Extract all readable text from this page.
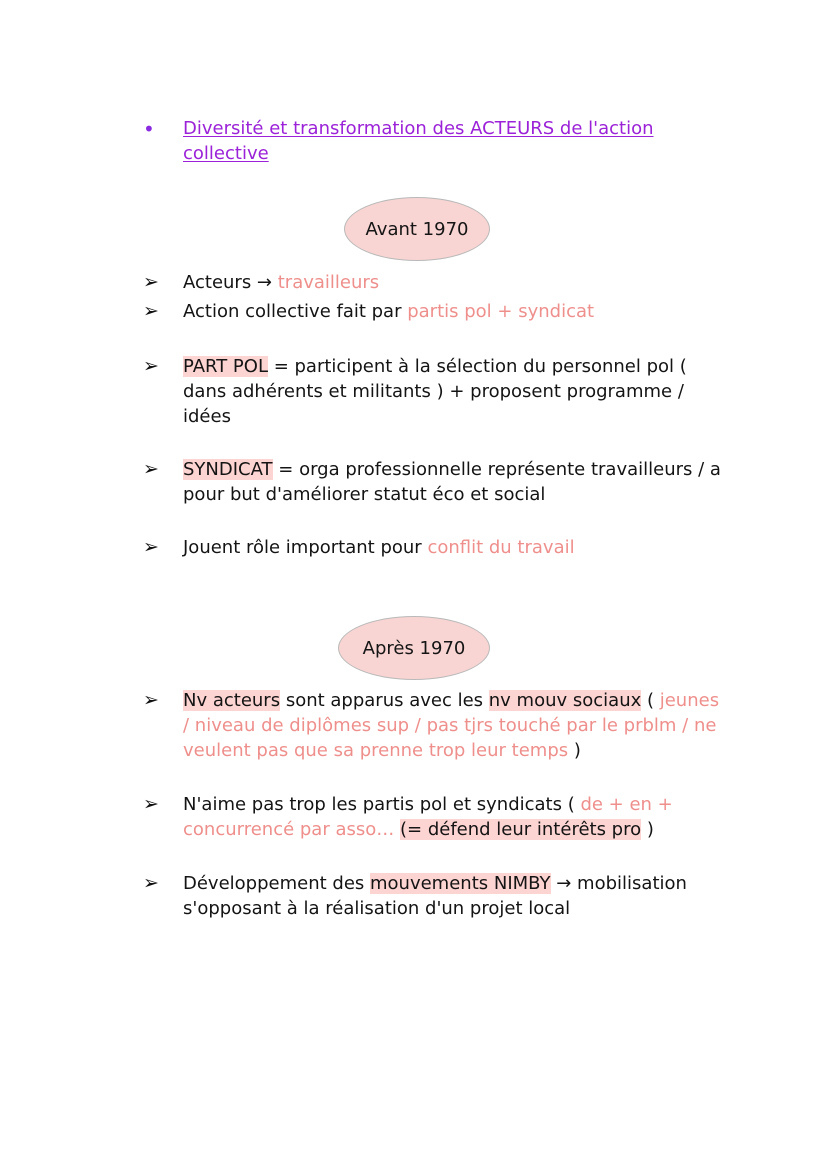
• Diversité et transformation des ACTEURS de l'action collective
Avant 1970
➢ Acteurs → travailleurs
➢ Action collective fait par partis pol + syndicat
➢ PART POL = participent à la sélection du personnel pol ( dans adhérents et militants ) + proposent programme / idées
➢ SYNDICAT = orga professionnelle représente travailleurs / a pour but d'améliorer statut éco et social
➢ Jouent rôle important pour conflit du travail
Après 1970
➢ Nv acteurs sont apparus avec les nv mouv sociaux ( jeunes / niveau de diplômes sup / pas tjrs touché par le prblm / ne veulent pas que sa prenne trop leur temps )
➢ N'aime pas trop les partis pol et syndicats ( de + en + concurrencé par asso… (= défend leur intérêts pro )
➢ Développement des mouvements NIMBY → mobilisation s'opposant à la réalisation d'un projet local
